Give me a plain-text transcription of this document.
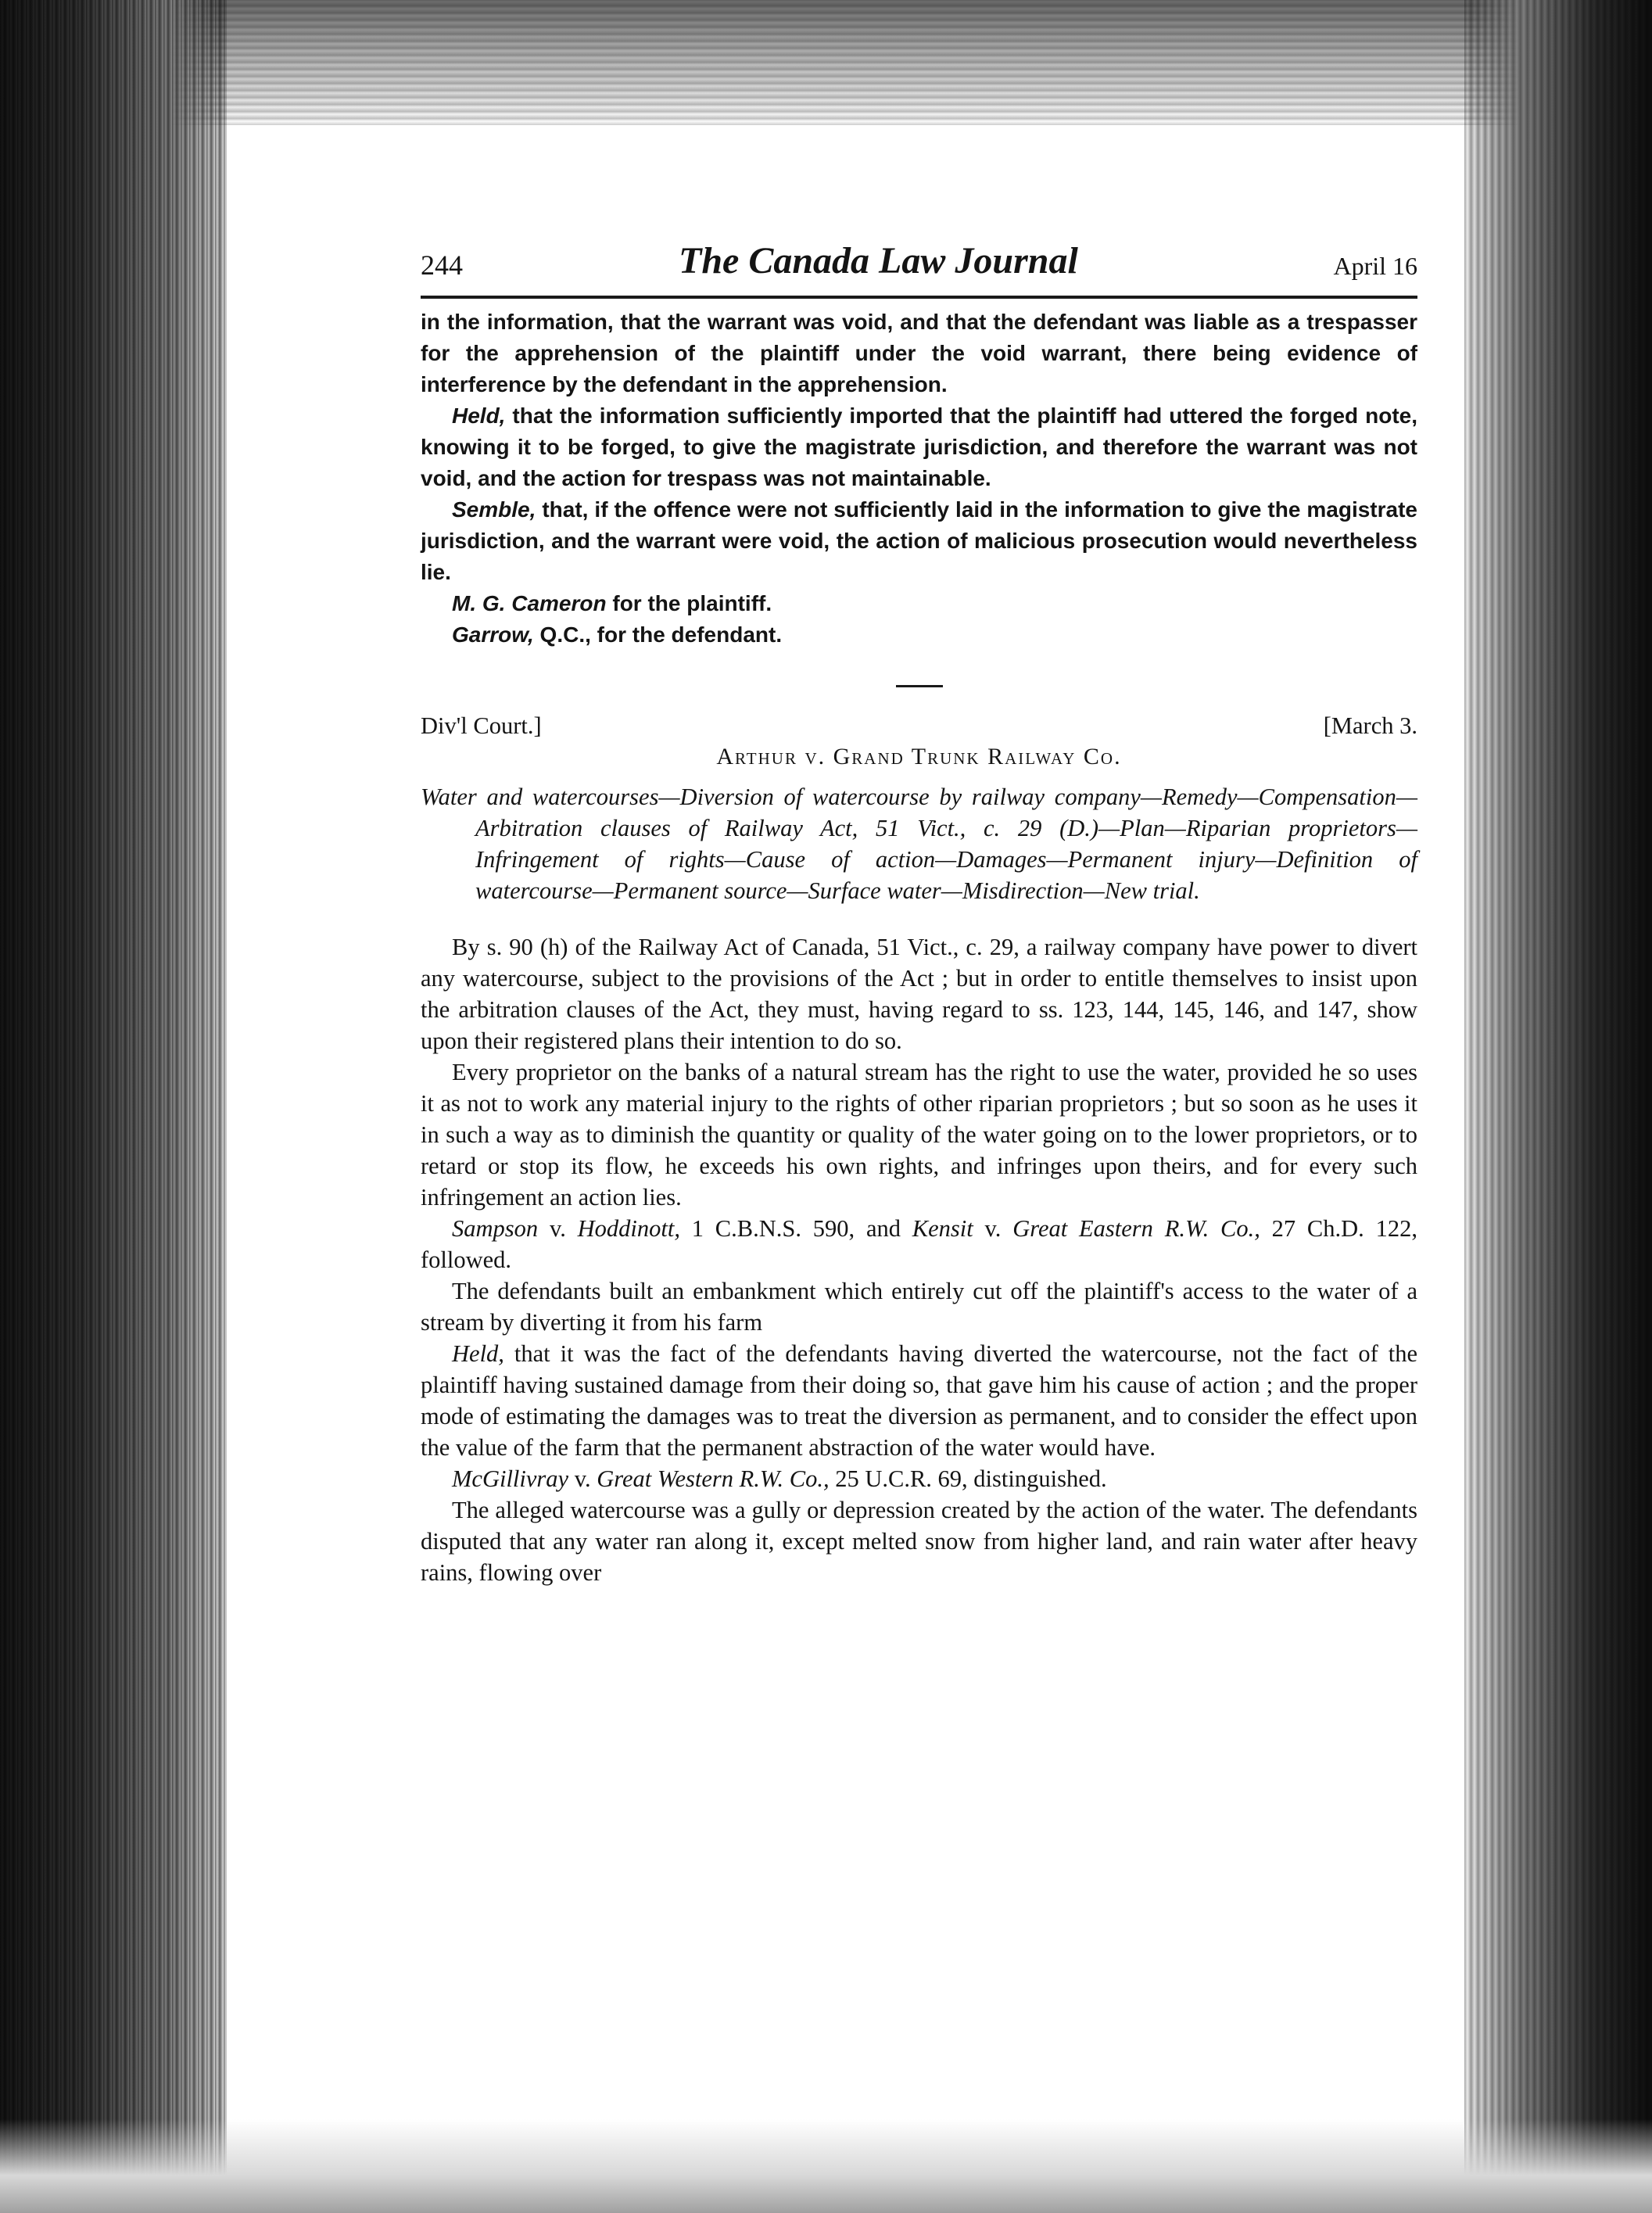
244	The Canada Law Journal	April 16

in the information, that the warrant was void, and that the defendant was liable as a trespasser for the apprehension of the plaintiff under the void warrant, there being evidence of interference by the defendant in the apprehension.

Held, that the information sufficiently imported that the plaintiff had uttered the forged note, knowing it to be forged, to give the magistrate jurisdiction, and therefore the warrant was not void, and the action for trespass was not maintainable.

Semble, that, if the offence were not sufficiently laid in the information to give the magistrate jurisdiction, and the warrant were void, the action of malicious prosecution would nevertheless lie.

M. G. Cameron for the plaintiff.

Garrow, Q.C., for the defendant.

Div'l Court.]	[March 3.

Arthur v. Grand Trunk Railway Co.

Water and watercourses—Diversion of watercourse by railway company—Remedy—Compensation—Arbitration clauses of Railway Act, 51 Vict., c. 29 (D.)—Plan—Riparian proprietors—Infringement of rights—Cause of action—Damages—Permanent injury—Definition of watercourse—Permanent source—Surface water—Misdirection—New trial.

By s. 90 (h) of the Railway Act of Canada, 51 Vict., c. 29, a railway company have power to divert any watercourse, subject to the provisions of the Act ; but in order to entitle themselves to insist upon the arbitration clauses of the Act, they must, having regard to ss. 123, 144, 145, 146, and 147, show upon their registered plans their intention to do so.

Every proprietor on the banks of a natural stream has the right to use the water, provided he so uses it as not to work any material injury to the rights of other riparian proprietors ; but so soon as he uses it in such a way as to diminish the quantity or quality of the water going on to the lower proprietors, or to retard or stop its flow, he exceeds his own rights, and infringes upon theirs, and for every such infringement an action lies.

Sampson v. Hoddinott, 1 C.B.N.S. 590, and Kensit v. Great Eastern R.W. Co., 27 Ch.D. 122, followed.

The defendants built an embankment which entirely cut off the plaintiff's access to the water of a stream by diverting it from his farm

Held, that it was the fact of the defendants having diverted the watercourse, not the fact of the plaintiff having sustained damage from their doing so, that gave him his cause of action ; and the proper mode of estimating the damages was to treat the diversion as permanent, and to consider the effect upon the value of the farm that the permanent abstraction of the water would have.

McGillivray v. Great Western R.W. Co., 25 U.C.R. 69, distinguished.

The alleged watercourse was a gully or depression created by the action of the water. The defendants disputed that any water ran along it, except melted snow from higher land, and rain water after heavy rains, flowing over
